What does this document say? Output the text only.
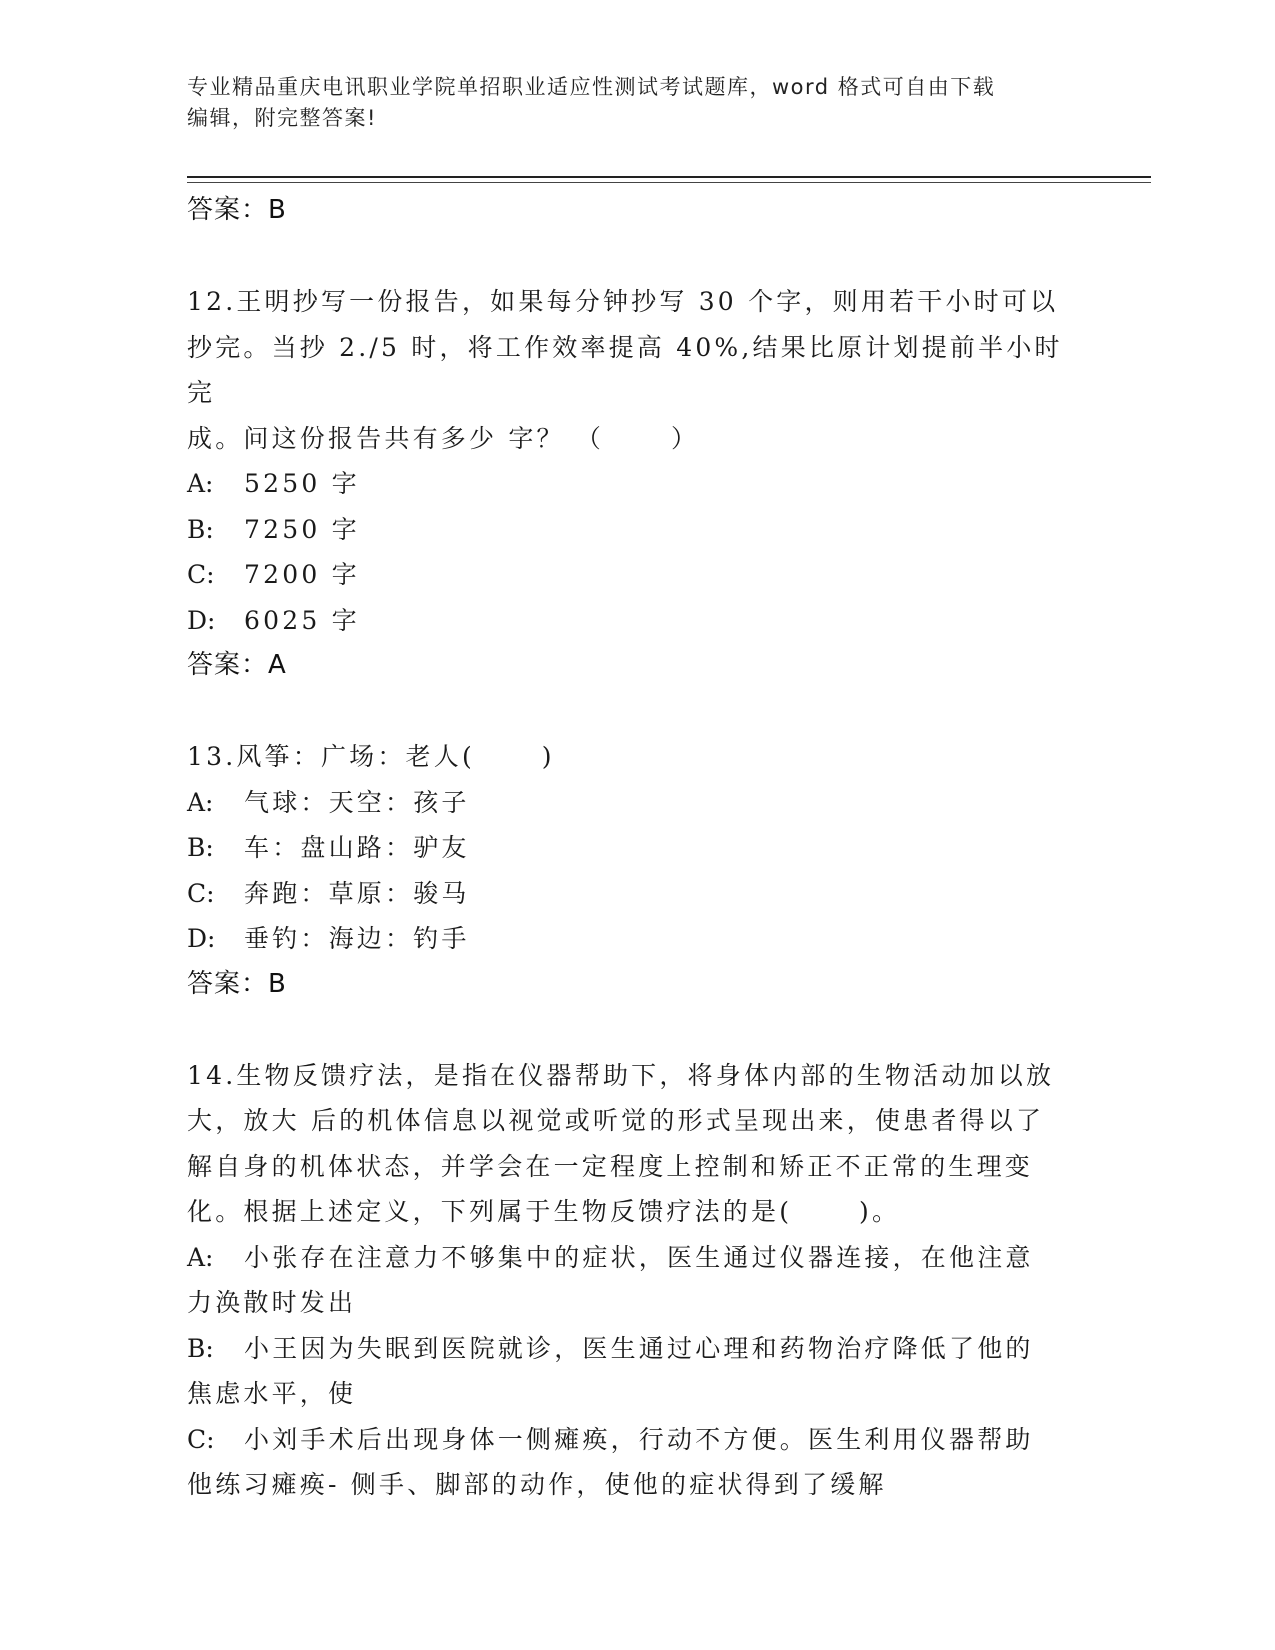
专业精品重庆电讯职业学院单招职业适应性测试考试题库，word 格式可自由下载
编辑，附完整答案!
答案：B
12.王明抄写一份报告，如果每分钟抄写 30 个字，则用若干小时可以
抄完。当抄 2./5 时，将工作效率提高 40%,结果比原计划提前半小时完
成。问这份报告共有多少 字？ （      ）
A: 5250 字
B: 7250 字
C: 7200 字
D: 6025 字
答案：A
13.风筝：广场：老人(      )
A: 气球：天空：孩子
B: 车：盘山路：驴友
C: 奔跑：草原：骏马
D: 垂钓：海边：钓手
答案：B
14.生物反馈疗法，是指在仪器帮助下，将身体内部的生物活动加以放
大，放大 后的机体信息以视觉或听觉的形式呈现出来，使患者得以了
解自身的机体状态，并学会在一定程度上控制和矫正不正常的生理变
化。根据上述定义，下列属于生物反馈疗法的是(      )。
A: 小张存在注意力不够集中的症状，医生通过仪器连接，在他注意
力涣散时发出
B: 小王因为失眠到医院就诊，医生通过心理和药物治疗降低了他的
焦虑水平，使
C: 小刘手术后出现身体一侧瘫痪，行动不方便。医生利用仪器帮助
他练习瘫痪- 侧手、脚部的动作，使他的症状得到了缓解
